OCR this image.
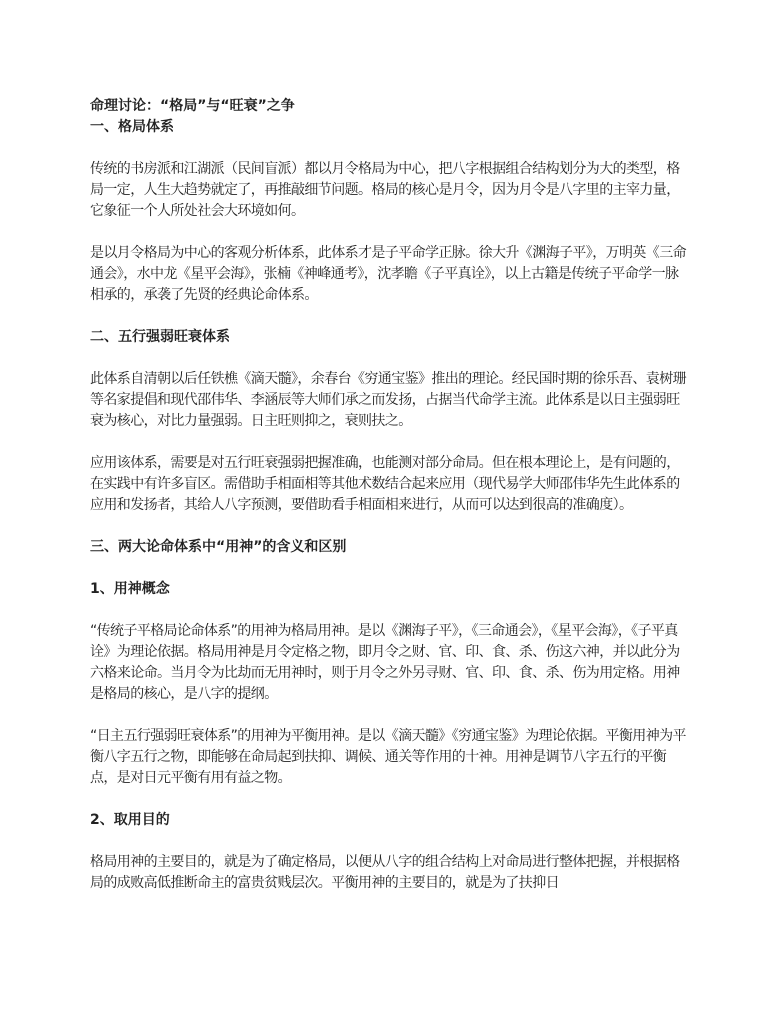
命理讨论：“格局”与“旺衰”之争

一、格局体系

传统的书房派和江湖派（民间盲派）都以月令格局为中心，把八字根据组合结构划分为大的类型，格局一定，人生大趋势就定了，再推敲细节问题。格局的核心是月令，因为月令是八字里的主宰力量，它象征一个人所处社会大环境如何。

是以月令格局为中心的客观分析体系，此体系才是子平命学正脉。徐大升《渊海子平》，万明英《三命通会》，水中龙《星平会海》，张楠《神峰通考》，沈孝瞻《子平真诠》，以上古籍是传统子平命学一脉相承的，承袭了先贤的经典论命体系。

二、五行强弱旺衰体系

此体系自清朝以后任铁樵《滴天髓》，余春台《穷通宝鉴》推出的理论。经民国时期的徐乐吾、袁树珊等名家提倡和现代邵伟华、李涵辰等大师们承之而发扬，占据当代命学主流。此体系是以日主强弱旺衰为核心，对比力量强弱。日主旺则抑之，衰则扶之。

应用该体系，需要是对五行旺衰强弱把握准确，也能测对部分命局。但在根本理论上，是有问题的，在实践中有许多盲区。需借助手相面相等其他术数结合起来应用（现代易学大师邵伟华先生此体系的应用和发扬者，其给人八字预测，要借助看手相面相来进行，从而可以达到很高的准确度）。

三、两大论命体系中“用神”的含义和区别

1、用神概念

“传统子平格局论命体系”的用神为格局用神。是以《渊海子平》，《三命通会》，《星平会海》，《子平真诠》为理论依据。格局用神是月令定格之物，即月令之财、官、印、食、杀、伤这六神，并以此分为六格来论命。当月令为比劫而无用神时，则于月令之外另寻财、官、印、食、杀、伤为用定格。用神是格局的核心，是八字的提纲。

“日主五行强弱旺衰体系”的用神为平衡用神。是以《滴天髓》《穷通宝鉴》为理论依据。平衡用神为平衡八字五行之物，即能够在命局起到扶抑、调候、通关等作用的十神。用神是调节八字五行的平衡点，是对日元平衡有用有益之物。

2、取用目的

格局用神的主要目的，就是为了确定格局，以便从八字的组合结构上对命局进行整体把握，并根据格局的成败高低推断命主的富贵贫贱层次。平衡用神的主要目的，就是为了扶抑日
